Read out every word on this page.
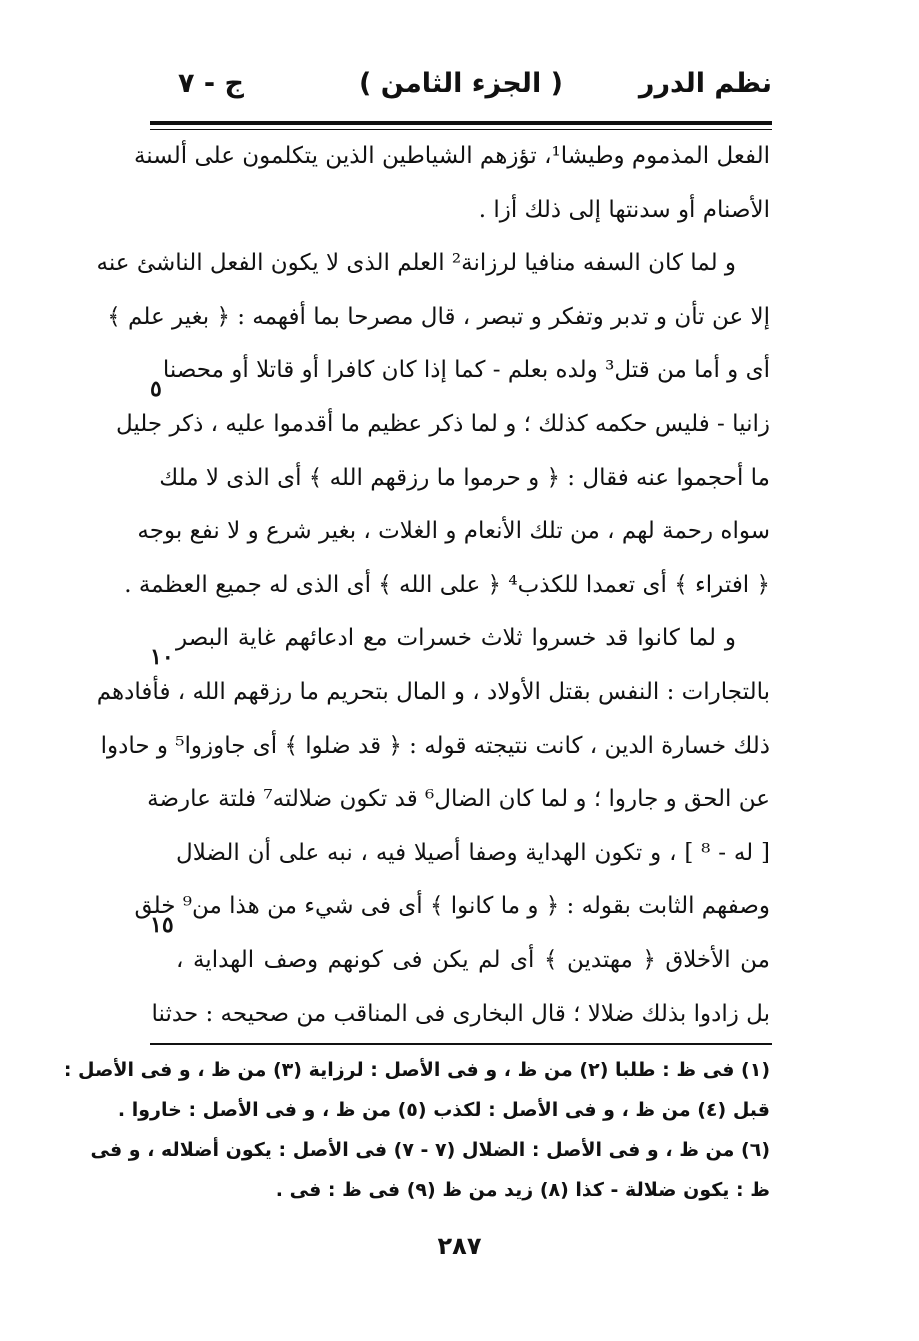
نظم الدرر
( الجزء الثامن )
ج - ٧
الفعل المذموم وطيشا¹، تؤزهم الشياطين الذين يتكلمون على ألسنة
الأصنام أو سدنتها إلى ذلك أزا .
و لما كان السفه منافيا لرزانة² العلم الذى لا يكون الفعل الناشئ عنه
إلا عن تأن و تدبر وتفكر و تبصر ، قال مصرحا بما أفهمه : ﴿ بغير علم ﴾
أى و أما من قتل³ ولده بعلم - كما إذا كان كافرا أو قاتلا أو محصنا
زانيا - فليس حكمه كذلك ؛ و لما ذكر عظيم ما أقدموا عليه ، ذكر جليل
ما أحجموا عنه فقال : ﴿ و حرموا ما رزقهم الله ﴾ أى الذى لا ملك
سواه رحمة لهم ، من تلك الأنعام و الغلات ، بغير شرع و لا نفع بوجه
﴿ افتراء ﴾ أى تعمدا للكذب⁴ ﴿ على الله ﴾ أى الذى له جميع العظمة .
و لما كانوا قد خسروا ثلاث خسرات مع ادعائهم غاية البصر
بالتجارات : النفس بقتل الأولاد ، و المال بتحريم ما رزقهم الله ، فأفادهم
ذلك خسارة الدين ، كانت نتيجته قوله : ﴿ قد ضلوا ﴾ أى جاوزوا⁵ و حادوا
عن الحق و جاروا ؛ و لما كان الضال⁶ قد تكون ضلالته⁷ فلتة عارضة
[ له - ⁸ ] ، و تكون الهداية وصفا أصيلا فيه ، نبه على أن الضلال
وصفهم الثابت بقوله : ﴿ و ما كانوا ﴾ أى فى شيء من هذا من⁹ خلق
من الأخلاق ﴿ مهتدين ﴾ أى لم يكن فى كونهم وصف الهداية ،
بل زادوا بذلك ضلالا ؛ قال البخارى فى المناقب من صحيحه : حدثنا
٥
١٠
١٥
(١) فى ظ : طلبا (٢) من ظ ، و فى الأصل : لرزاية (٣) من ظ ، و فى الأصل :
قبل (٤) من ظ ، و فى الأصل : لكذب (٥) من ظ ، و فى الأصل : خاروا .
(٦) من ظ ، و فى الأصل : الضلال (٧ - ٧) فى الأصل : يكون أضلاله ، و فى
ظ : يكون ضلالة - كذا (٨) زيد من ظ (٩) فى ظ : فى .
٢٨٧
